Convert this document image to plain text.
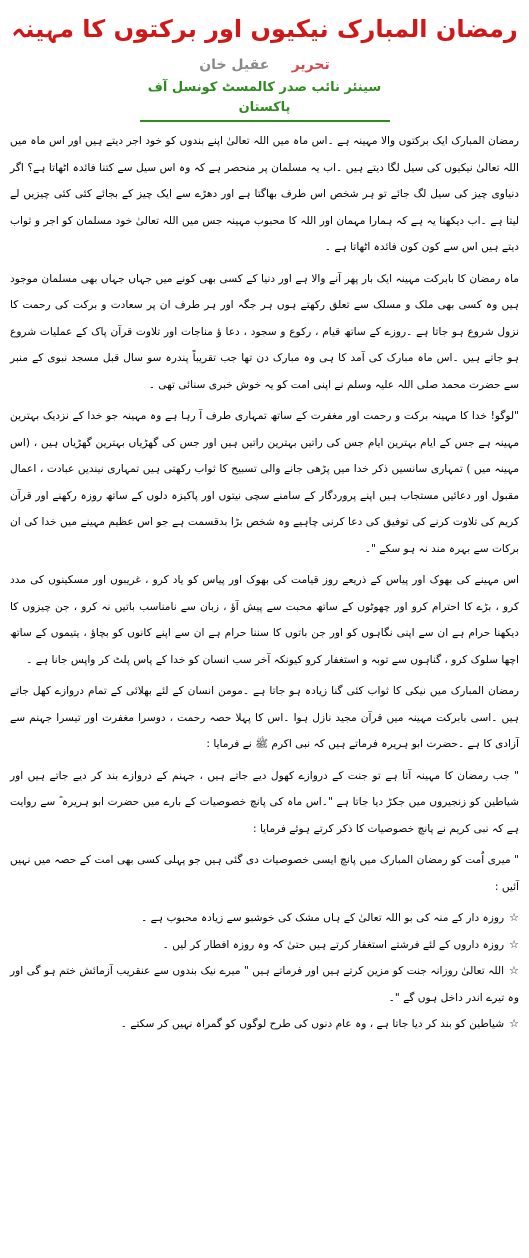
رمضان المبارک نیکیوں اور برکتوں کا مہینہ
تحریر عقیل خان
سینئر نائب صدر کالمسٹ کونسل آف پاکستان

رمضان المبارک ایک برکتوں والا مہینہ ہے ۔اس ماہ میں اللہ تعالیٰ اپنے بندوں کو خود اجر دیتے ہیں اور اس ماہ میں اللہ تعالیٰ نیکیوں کی سیل لگا دیتے ہیں ۔اب یہ مسلمان پر منحصر ہے کہ وہ اس سیل سے کتنا فائدہ اٹھاتا ہے؟ اگر دنیاوی چیز کی سیل لگ جائے تو ہر شخص اس طرف بھاگتا ہے اور دھڑے سے ایک چیز کے بجائے کئی کئی چیزیں لے لیتا ہے ۔اب دیکھنا یہ ہے کہ ہمارا مہمان اور اللہ کا محبوب مہینہ جس میں اللہ تعالیٰ خود مسلمان کو اجر و ثواب دیتے ہیں اس سے کون کون فائدہ اٹھاتا ہے ۔

ماہ رمضان کا بابرکت مہینہ ایک بار پھر آنے والا ہے اور دنیا کے کسی بھی کونے میں جہاں جہاں بھی مسلمان موجود ہیں وہ کسی بھی ملک و مسلک سے تعلق رکھتے ہوں ہر جگہ اور ہر طرف ان پر سعادت و برکت کی رحمت کا نزول شروع ہو جاتا ہے ۔روزے کے ساتھ قیام ، رکوع و سجود ، دعا ؤ مناجات اور تلاوت قرآن پاک کے عملیات شروع ہو جاتے ہیں ۔اس ماہ مبارک کی آمد کا ہی وہ مبارک دن تھا جب تقریباً پندرہ سو سال قبل مسجد نبوی کے منبر سے حضرت محمد صلی اللہ علیہ وسلم نے اپنی امت کو یہ خوش خبری سنائی تھی ۔

"لوگو! خدا کا مہینہ برکت و رحمت اور مغفرت کے ساتھ تمہاری طرف آ رہا ہے وہ مہینہ جو خدا کے نزدیک بہترین مہینہ ہے جس کے ایام بہترین ایام جس کی راتیں بہترین راتیں ہیں اور جس کی گھڑیاں بہترین گھڑیاں ہیں ، (اس مہینہ میں ) تمہاری سانسیں ذکر خدا میں پڑھی جانے والی تسبیح کا ثواب رکھتی ہیں تمہاری نیندیں عبادت ، اعمال مقبول اور دعائیں مستجاب ہیں اپنے پروردگار کے سامنے سچی نیتوں اور پاکیزہ دلوں کے ساتھ روزہ رکھنے اور قرآن کریم کی تلاوت کرنے کی توفیق کی دعا کرنی چاہیے وہ شخص بڑا بدقسمت ہے جو اس عظیم مہینے میں خدا کی ان برکات سے بہرہ مند نہ ہو سکے "۔

اس مہینے کی بھوک اور پیاس کے ذریعے روز قیامت کی بھوک اور پیاس کو یاد کرو ، غریبوں اور مسکینوں کی مدد کرو ، بڑے کا احترام کرو اور چھوٹوں کے ساتھ محبت سے پیش آؤ ، زبان سے نامناسب باتیں نہ کرو ، جن چیزوں کا دیکھنا حرام ہے ان سے اپنی نگاہوں کو اور جن باتوں کا سننا حرام ہے ان سے اپنے کانوں کو بچاؤ ، یتیموں کے ساتھ اچھا سلوک کرو ، گناہوں سے توبہ و استغفار کرو کیونکہ آخر سب انسان کو خدا کے پاس پلٹ کر واپس جانا ہے ۔

رمضان المبارک میں نیکی کا ثواب کئی گنا زیادہ ہو جاتا ہے ۔مومن انسان کے لئے بھلائی کے تمام دروازے کھل جاتے ہیں ۔اسی بابرکت مہینہ میں قرآن مجید نازل ہوا ۔اس کا پہلا حصہ رحمت ، دوسرا مغفرت اور تیسرا جہنم سے آزادی کا ہے ۔حضرت ابو ہریرہ فرماتے ہیں کہ نبی اکرم ﷺ نے فرمایا :

" جب رمضان کا مہینہ آتا ہے تو جنت کے دروازے کھول دیے جاتے ہیں ، جہنم کے دروازے بند کر دیے جاتے ہیں اور شیاطین کو زنجیروں میں جکڑ دیا جاتا ہے "۔اس ماہ کی پانچ خصوصیات کے بارے میں حضرت ابو ہریرہ ؓ سے روایت ہے کہ نبی کریم نے پانچ خصوصیات کا ذکر کرتے ہوئے فرمایا :

" میری اُمت کو رمضان المبارک میں پانچ ایسی خصوصیات دی گئی ہیں جو پہلی کسی بھی امت کے حصہ میں نہیں آئیں :

☆روزہ دار کے منہ کی بو اللہ تعالیٰ کے ہاں مشک کی خوشبو سے زیادہ محبوب ہے ۔
☆روزہ داروں کے لئے فرشتے استغفار کرتے ہیں حتیٰ کہ وہ روزہ افطار کر لیں ۔
☆اللہ تعالیٰ روزانہ جنت کو مزین کرتے ہیں اور فرماتے ہیں " میرے نیک بندوں سے عنقریب آزمائش ختم ہو گی اور وہ تیرے اندر داخل ہوں گے "۔
☆شیاطین کو بند کر دیا جاتا ہے ، وہ عام دنوں کی طرح لوگوں کو گمراہ نہیں کر سکتے ۔
